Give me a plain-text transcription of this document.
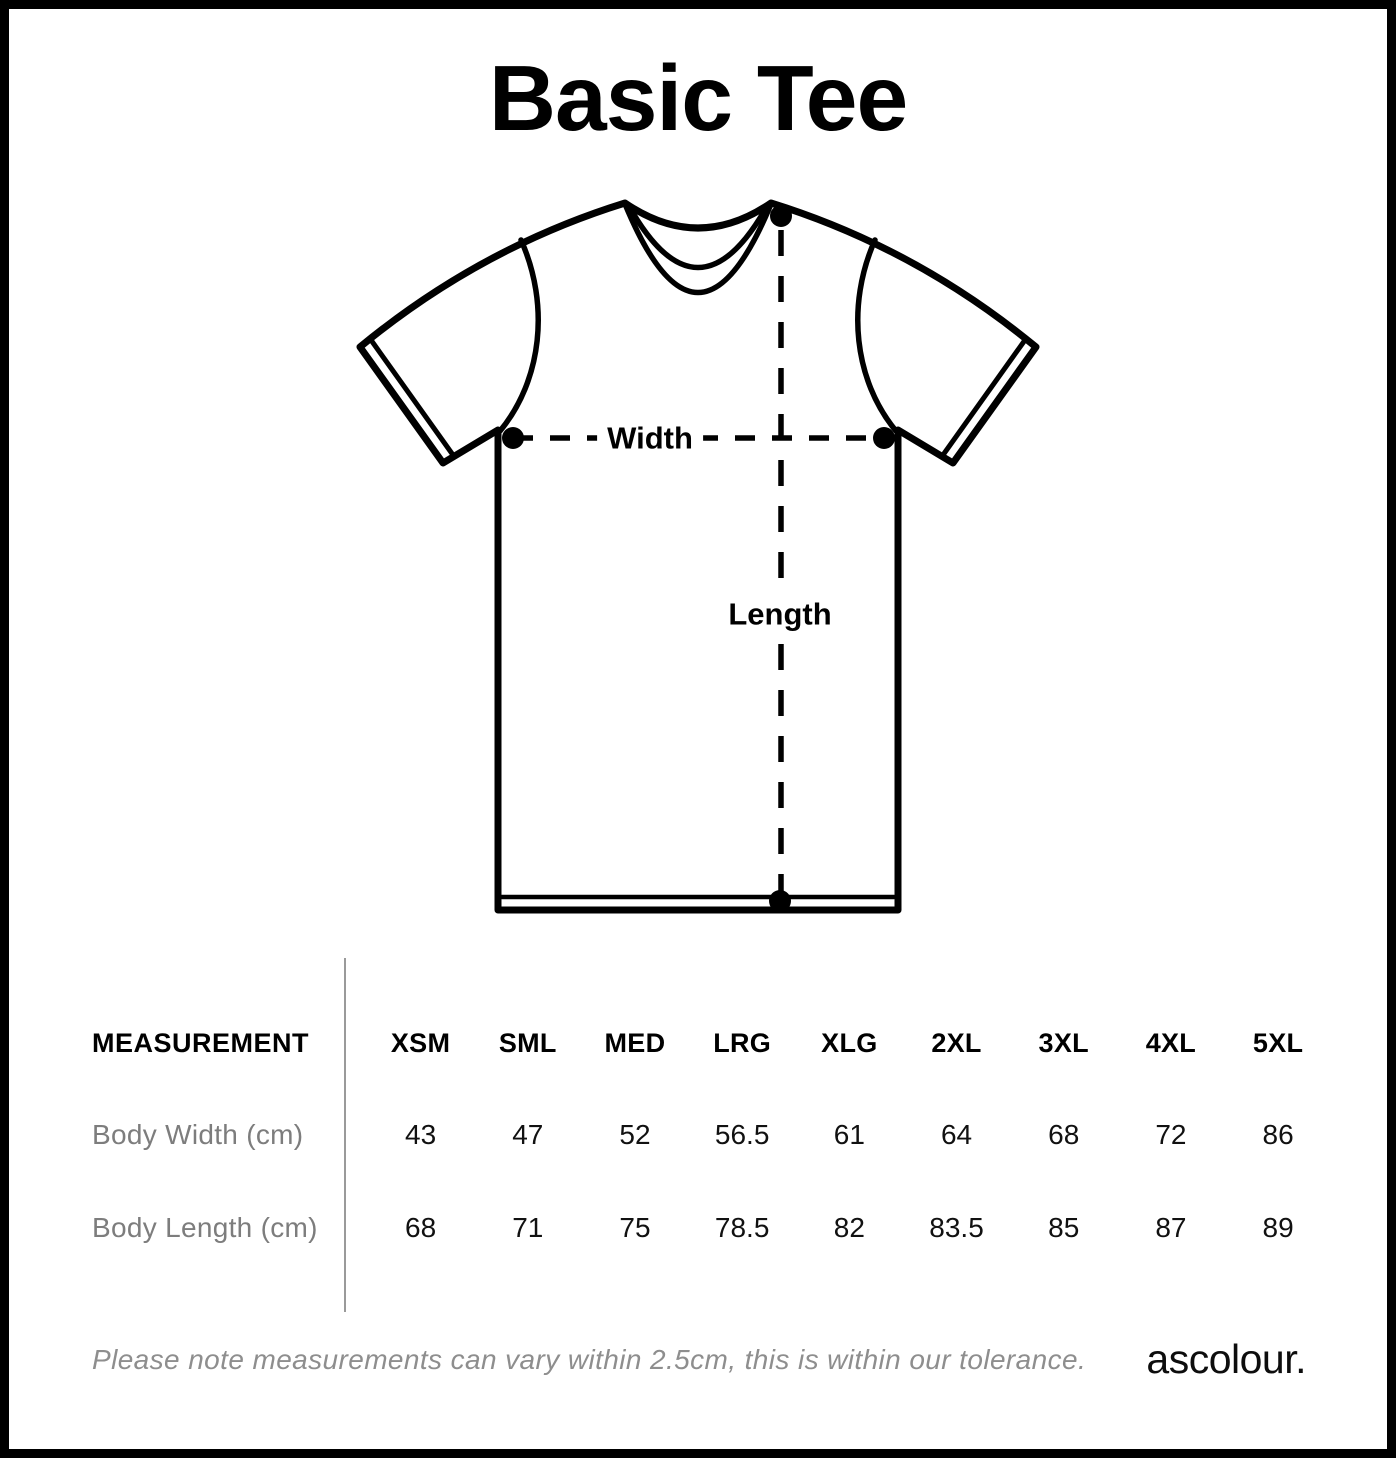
Basic Tee
Width
Length
MEASUREMENT	XSM	SML	MED	LRG	XLG	2XL	3XL	4XL	5XL
Body Width (cm)	43	47	52	56.5	61	64	68	72	86
Body Length (cm)	68	71	75	78.5	82	83.5	85	87	89
Please note measurements can vary within 2.5cm, this is within our tolerance. ascolour.
